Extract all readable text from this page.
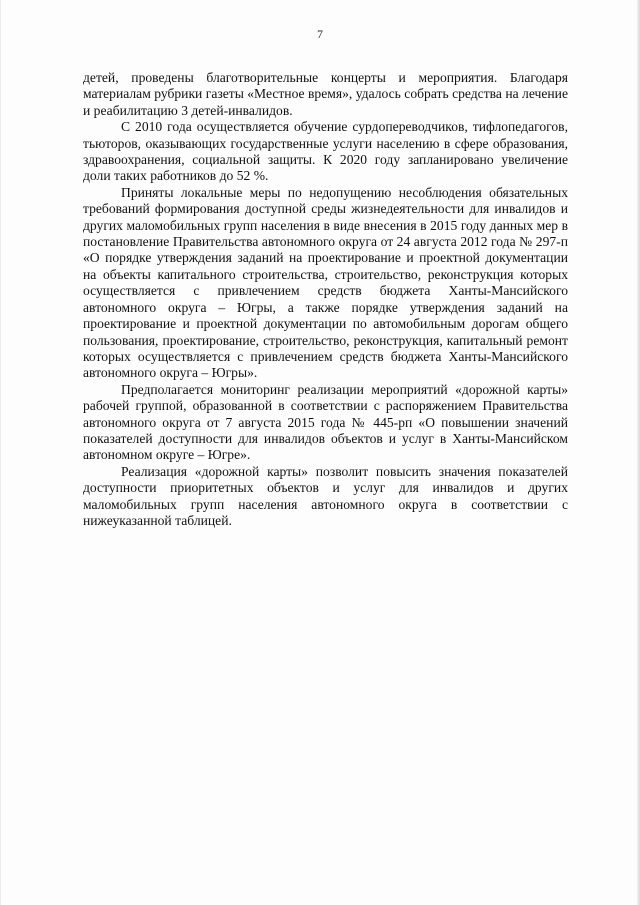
7

детей, проведены благотворительные концерты и мероприятия. Благодаря материалам рубрики газеты «Местное время», удалось собрать средства на лечение и реабилитацию 3 детей-инвалидов.

С 2010 года осуществляется обучение сурдопереводчиков, тифлопедагогов, тьюторов, оказывающих государственные услуги населению в сфере образования, здравоохранения, социальной защиты. К 2020 году запланировано увеличение доли таких работников до 52 %.

Приняты локальные меры по недопущению несоблюдения обязательных требований формирования доступной среды жизнедеятельности для инвалидов и других маломобильных групп населения в виде внесения в 2015 году данных мер в постановление Правительства автономного округа от 24 августа 2012 года № 297-п «О порядке утверждения заданий на проектирование и проектной документации на объекты капитального строительства, строительство, реконструкция которых осуществляется с привлечением средств бюджета Ханты-Мансийского автономного округа – Югры, а также порядке утверждения заданий на проектирование и проектной документации по автомобильным дорогам общего пользования, проектирование, строительство, реконструкция, капитальный ремонт которых осуществляется с привлечением средств бюджета Ханты-Мансийского автономного округа – Югры».

Предполагается мониторинг реализации мероприятий «дорожной карты» рабочей группой, образованной в соответствии с распоряжением Правительства автономного округа от 7 августа 2015 года № 445-рп «О повышении значений показателей доступности для инвалидов объектов и услуг в Ханты-Мансийском автономном округе – Югре».

Реализация «дорожной карты» позволит повысить значения показателей доступности приоритетных объектов и услуг для инвалидов и других маломобильных групп населения автономного округа в соответствии с нижеуказанной таблицей.
